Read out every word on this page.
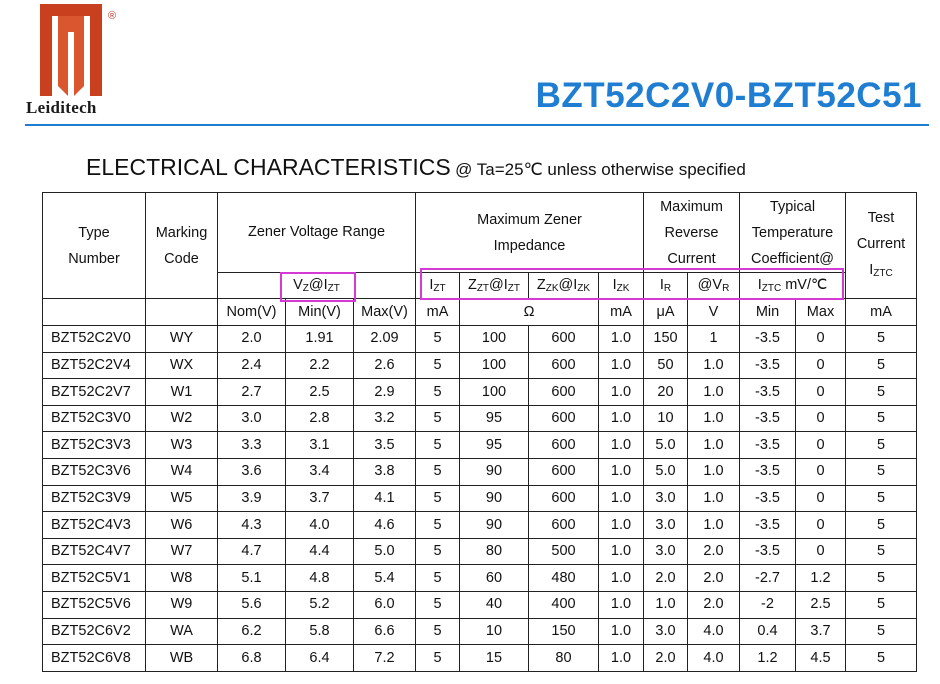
®
Leiditech	BZT52C2V0-BZT52C51
ELECTRICAL CHARACTERISTICS @ Ta=25℃ unless otherwise specified
Type Number	Marking Code	Zener Voltage Range			Maximum Zener Impedance				Maximum Reverse Current		Typical Temperature Coefficient@		Test Current
$I_{ZTC}$

		$V_Z@I_{ZT}$			$I_{ZT}$	$Z_{ZT}@I_{ZT}$	$Z_{ZK}@I_{ZK}$	$I_{ZK}$	$I_R$	$@V_R$	$I_{ZTC}$ mV/℃		
		Nom(V)	Min(V)	Max(V)	mA	Ω		mA	μA	V	Min	Max	mA
BZT52C2V0	WY	2.0	1.91	2.09	5	100	600	1.0	150	1	-3.5	0	5
BZT52C2V4	WX	2.4	2.2	2.6	5	100	600	1.0	50	1.0	-3.5	0	5
BZT52C2V7	W1	2.7	2.5	2.9	5	100	600	1.0	20	1.0	-3.5	0	5
BZT52C3V0	W2	3.0	2.8	3.2	5	95	600	1.0	10	1.0	-3.5	0	5
BZT52C3V3	W3	3.3	3.1	3.5	5	95	600	1.0	5.0	1.0	-3.5	0	5
BZT52C3V6	W4	3.6	3.4	3.8	5	90	600	1.0	5.0	1.0	-3.5	0	5
BZT52C3V9	W5	3.9	3.7	4.1	5	90	600	1.0	3.0	1.0	-3.5	0	5
BZT52C4V3	W6	4.3	4.0	4.6	5	90	600	1.0	3.0	1.0	-3.5	0	5
BZT52C4V7	W7	4.7	4.4	5.0	5	80	500	1.0	3.0	2.0	-3.5	0	5
BZT52C5V1	W8	5.1	4.8	5.4	5	60	480	1.0	2.0	2.0	-2.7	1.2	5
BZT52C5V6	W9	5.6	5.2	6.0	5	40	400	1.0	1.0	2.0	-2	2.5	5
BZT52C6V2	WA	6.2	5.8	6.6	5	10	150	1.0	3.0	4.0	0.4	3.7	5
BZT52C6V8	WB	6.8	6.4	7.2	5	15	80	1.0	2.0	4.0	1.2	4.5	5
